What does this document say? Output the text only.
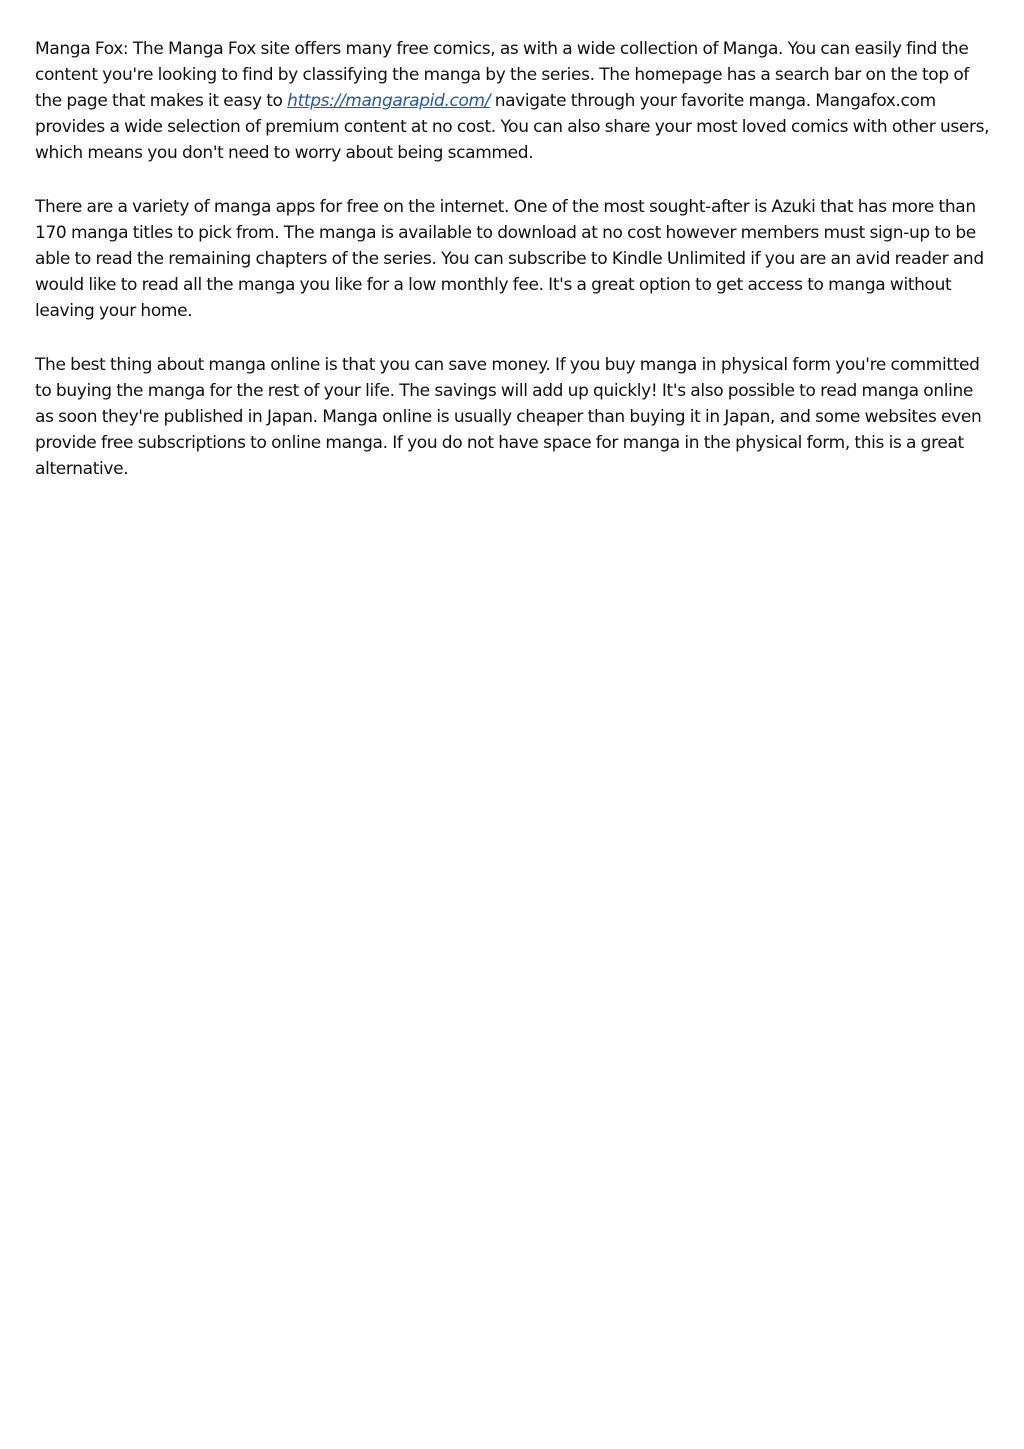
Manga Fox: The Manga Fox site offers many free comics, as with a wide collection of Manga. You can easily find the content you're looking to find by classifying the manga by the series. The homepage has a search bar on the top of the page that makes it easy to https://mangarapid.com/ navigate through your favorite manga. Mangafox.com provides a wide selection of premium content at no cost. You can also share your most loved comics with other users, which means you don't need to worry about being scammed.

There are a variety of manga apps for free on the internet. One of the most sought-after is Azuki that has more than 170 manga titles to pick from. The manga is available to download at no cost however members must sign-up to be able to read the remaining chapters of the series. You can subscribe to Kindle Unlimited if you are an avid reader and would like to read all the manga you like for a low monthly fee. It's a great option to get access to manga without leaving your home.

The best thing about manga online is that you can save money. If you buy manga in physical form you're committed to buying the manga for the rest of your life. The savings will add up quickly! It's also possible to read manga online as soon they're published in Japan. Manga online is usually cheaper than buying it in Japan, and some websites even provide free subscriptions to online manga. If you do not have space for manga in the physical form, this is a great alternative.
